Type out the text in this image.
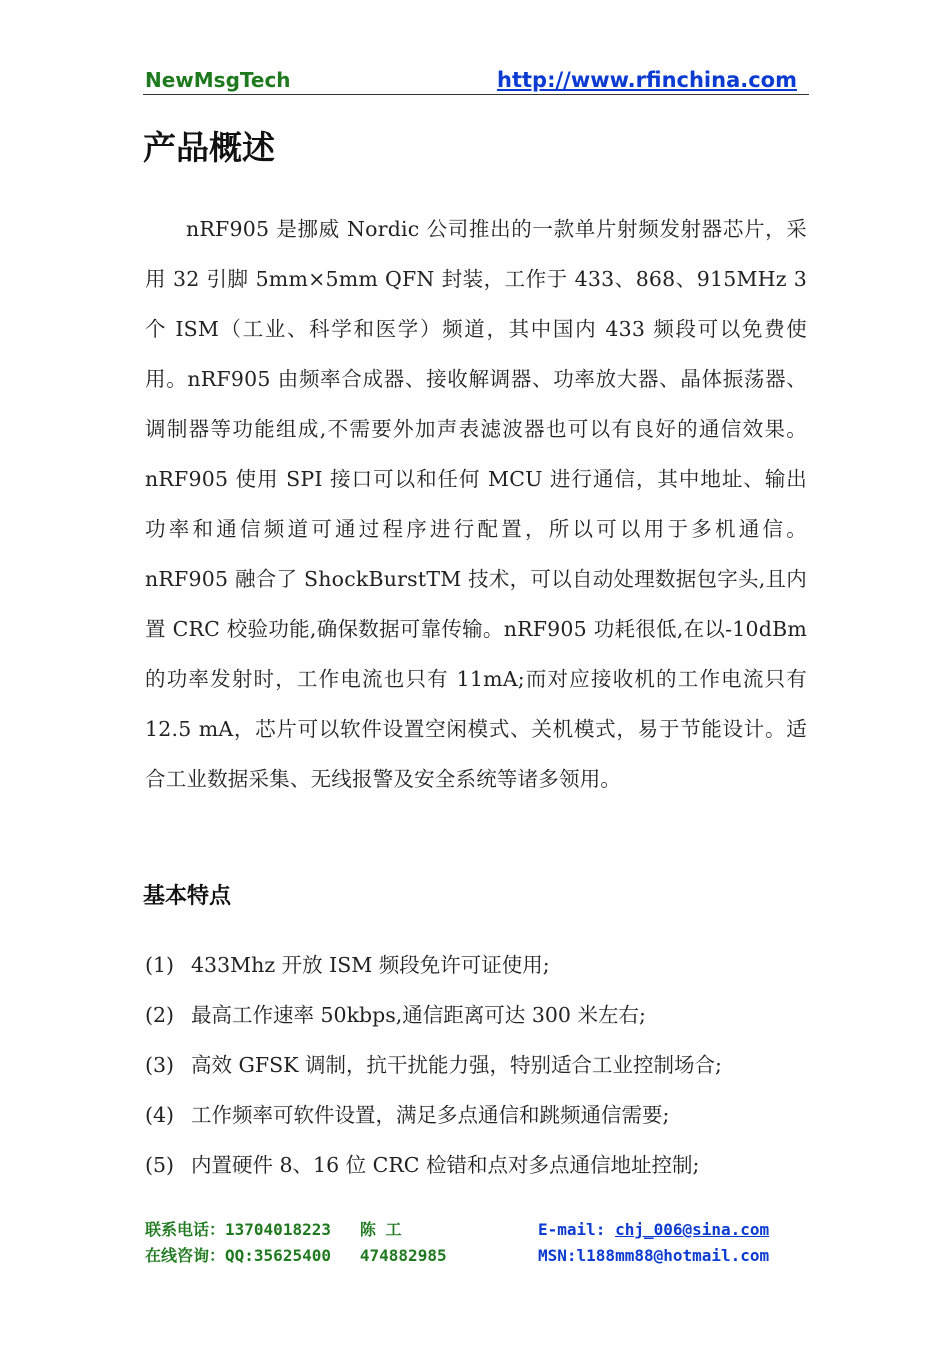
NewMsgTech	http://www.rfinchina.com
产品概述

nRF905 是挪威 Nordic 公司推出的一款单片射频发射器芯片，采用 32 引脚 5mm×5mm QFN 封装，工作于 433、868、915MHz 3 个 ISM（工业、科学和医学）频道，其中国内 433 频段可以免费使用。nRF905 由频率合成器、接收解调器、功率放大器、晶体振荡器、调制器等功能组成,不需要外加声表滤波器也可以有良好的通信效果。nRF905 使用 SPI 接口可以和任何 MCU 进行通信，其中地址、输出功率和通信频道可通过程序进行配置，所以可以用于多机通信。nRF905 融合了 ShockBurstTM 技术，可以自动处理数据包字头,且内置 CRC 校验功能,确保数据可靠传输。nRF905 功耗很低,在以-10dBm 的功率发射时，工作电流也只有 11mA;而对应接收机的工作电流只有 12.5 mA，芯片可以软件设置空闲模式、关机模式，易于节能设计。适合工业数据采集、无线报警及安全系统等诸多领用。

基本特点
(1) 433Mhz 开放 ISM 频段免许可证使用;
(2) 最高工作速率 50kbps,通信距离可达 300 米左右;
(3) 高效 GFSK 调制，抗干扰能力强，特别适合工业控制场合;
(4) 工作频率可软件设置，满足多点通信和跳频通信需要;
(5) 内置硬件 8、16 位 CRC 检错和点对多点通信地址控制;
联系电话：13704018223 陈 工
在线咨询：QQ:35625400 474882985
E-mail: chj_006@sina.com
MSN:l188mm88@hotmail.com
